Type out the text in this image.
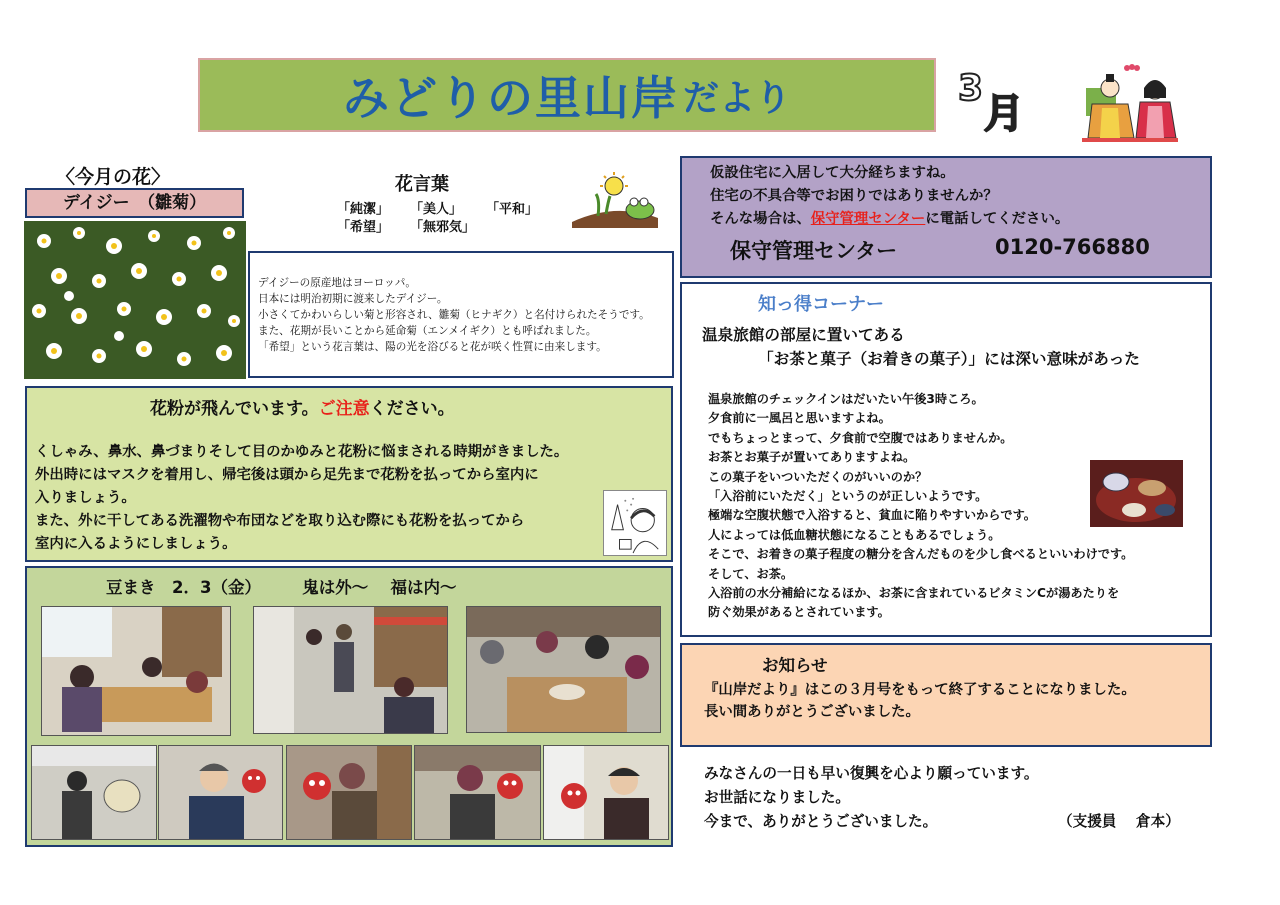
みどりの里山岸 だより	3
月
〈今月の花〉
デイジー　（雛菊）
花言葉
「純潔」 「美人」 「平和」
「希望」 「無邪気」
デイジーの原産地はヨーロッパ。
日本には明治初期に渡来したデイジー。
小さくてかわいらしい菊と形容され、雛菊（ヒナギク）と名付けられたそうです。
また、花期が長いことから延命菊（エンメイギク）とも呼ばれました。
「希望」という花言葉は、陽の光を浴びると花が咲く性質に由来します。
花粉が飛んでいます。ご注意ください。
くしゃみ、鼻水、鼻づまりそして目のかゆみと花粉に悩まされる時期がきました。
外出時にはマスクを着用し、帰宅後は頭から足先まで花粉を払ってから室内に
入りましょう。
また、外に干してある洗濯物や布団などを取り込む際にも花粉を払ってから
室内に入るようにしましょう。
豆まき　2．3（金）　　　鬼は外～　 福は内～
仮設住宅に入居して大分経ちますね。
住宅の不具合等でお困りではありませんか？
そんな場合は、保守管理センターに電話してください。
保守管理センター	0120-766880
知っ得コーナー
温泉旅館の部屋に置いてある
「お茶と菓子（お着きの菓子）」には深い意味があった
温泉旅館のチェックインはだいたい午後3時ころ。
夕食前に一風呂と思いますよね。
でもちょっとまって、夕食前で空腹ではありませんか。
お茶とお菓子が置いてありますよね。
この菓子をいついただくのがいいのか？
「入浴前にいただく」というのが正しいようです。
極端な空腹状態で入浴すると、貧血に陥りやすいからです。
人によっては低血糖状態になることもあるでしょう。
そこで、お着きの菓子程度の糖分を含んだものを少し食べるといいわけです。
そして、お茶。
入浴前の水分補給になるほか、お茶に含まれているビタミンCが湯あたりを
防ぐ効果があるとされています。
お知らせ
『山岸だより』はこの３月号をもって終了することになりました。
長い間ありがとうございました。
みなさんの一日も早い復興を心より願っています。
お世話になりました。
今まで、ありがとうございました。	（支援員　 倉本）
